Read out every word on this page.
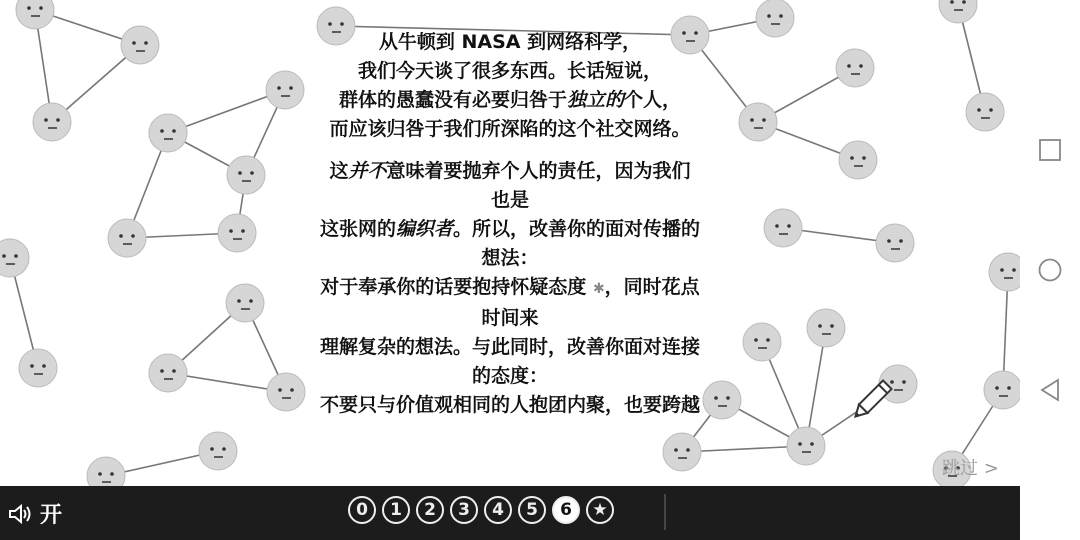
从牛顿到 NASA 到网络科学，

我们今天谈了很多东西。长话短说，

群体的愚蠢没有必要归咎于独立的个人，

而应该归咎于我们所深陷的这个社交网络。

这并不意味着要抛弃个人的责任，因为我们

也是

这张网的编织者。所以，改善你的面对传播的

想法：

对于奉承你的话要抱持怀疑态度 ✱，同时花点

时间来

理解复杂的想法。与此同时，改善你面对连接

的态度：

不要只与价值观相同的人抱团内聚，也要跨越

跳过 >
开	0	1	2	3	4	5	6	★
